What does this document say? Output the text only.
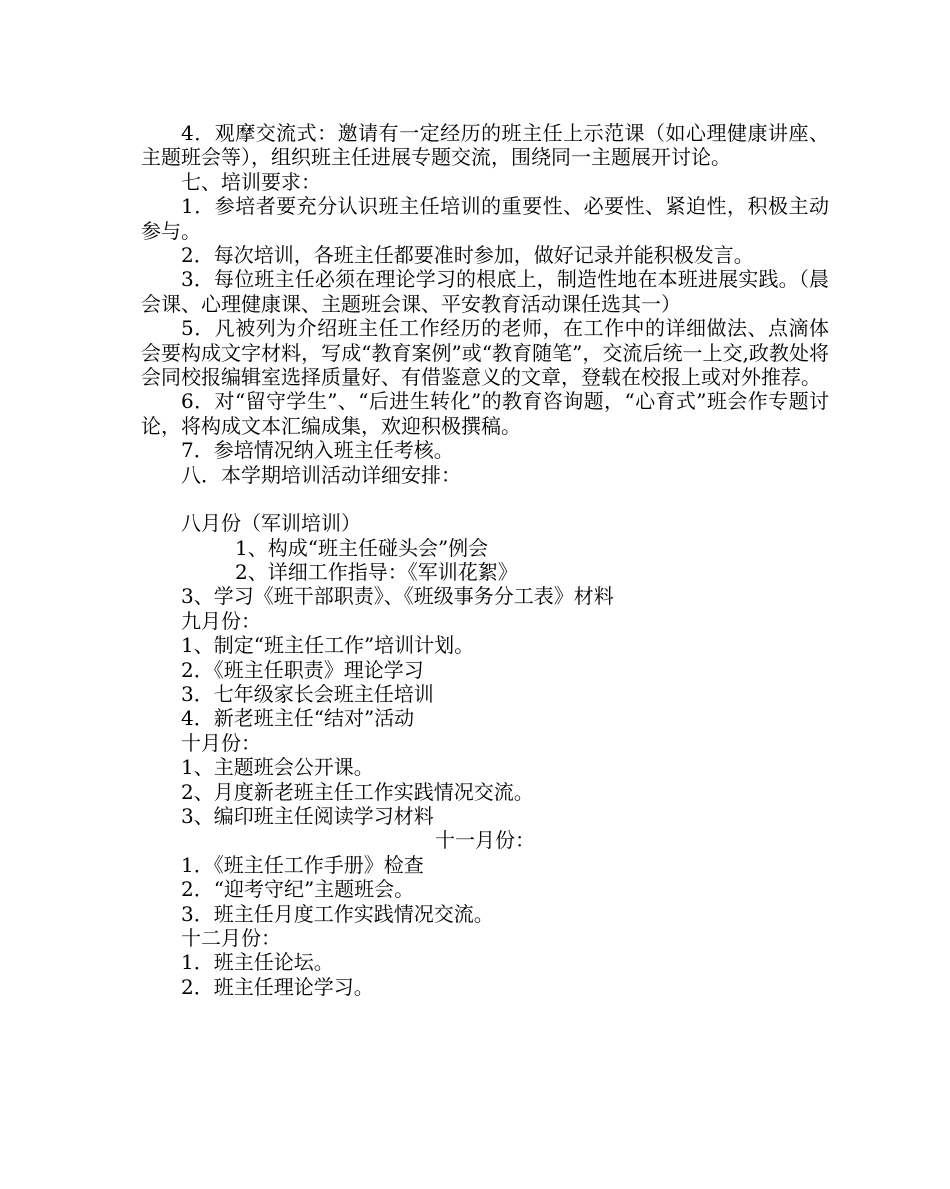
4．观摩交流式：邀请有一定经历的班主任上示范课（如心理健康讲座、主题班会等），组织班主任进展专题交流，围绕同一主题展开讨论。

七、培训要求：

1．参培者要充分认识班主任培训的重要性、必要性、紧迫性，积极主动参与。

2．每次培训，各班主任都要准时参加，做好记录并能积极发言。

3．每位班主任必须在理论学习的根底上，制造性地在本班进展实践。（晨会课、心理健康课、主题班会课、平安教育活动课任选其一）

5．凡被列为介绍班主任工作经历的老师，在工作中的详细做法、点滴体会要构成文字材料，写成“教育案例”或“教育随笔”，交流后统一上交,政教处将会同校报编辑室选择质量好、有借鉴意义的文章，登载在校报上或对外推荐。

6．对“留守学生”、“后进生转化”的教育咨询题，“心育式”班会作专题讨论，将构成文本汇编成集，欢迎积极撰稿。

7．参培情况纳入班主任考核。

八．本学期培训活动详细安排：

八月份（军训培训）

1、构成“班主任碰头会”例会

2、详细工作指导：《军训花絮》

3、学习《班干部职责》、《班级事务分工表》材料

九月份：

1、制定“班主任工作”培训计划。

2．《班主任职责》理论学习

3．七年级家长会班主任培训

4．新老班主任“结对”活动

十月份：

1、主题班会公开课。

2、月度新老班主任工作实践情况交流。

3、编印班主任阅读学习材料

十一月份：

1．《班主任工作手册》检查

2．“迎考守纪”主题班会。

3．班主任月度工作实践情况交流。

十二月份：

1．班主任论坛。

2．班主任理论学习。
